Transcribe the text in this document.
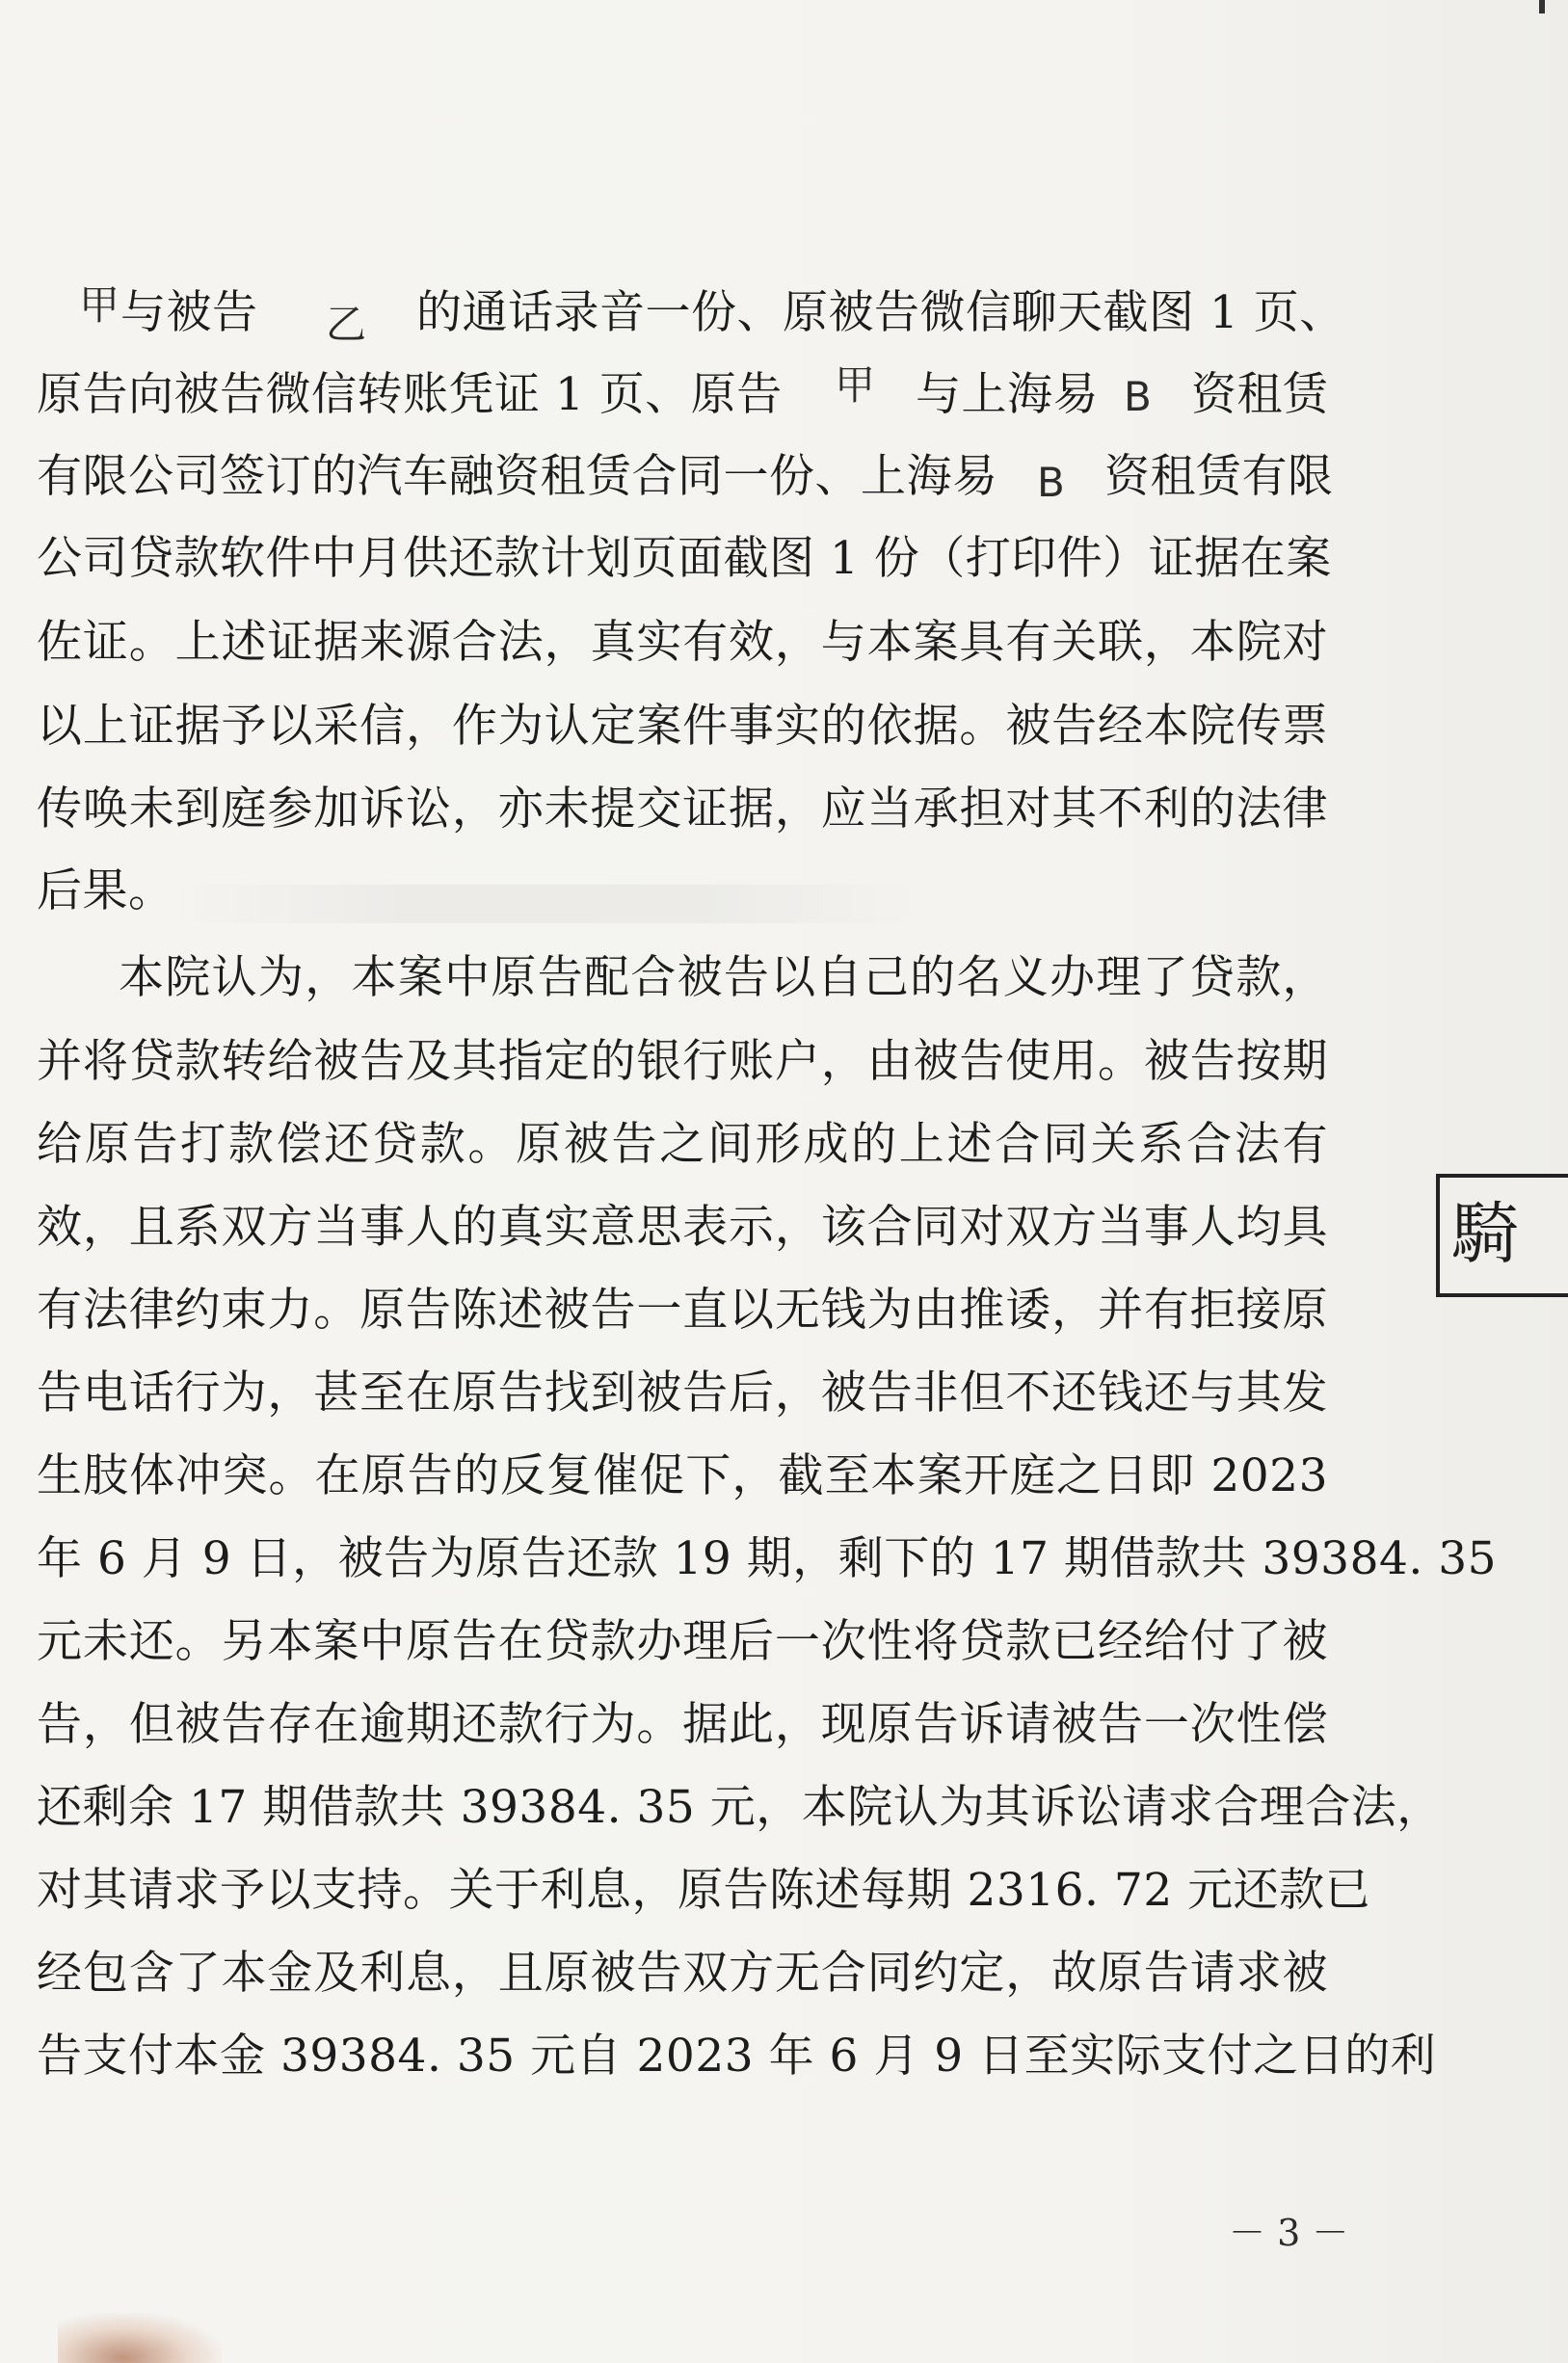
甲 与被告 乙 的通话录音一份、原被告微信聊天截图 1 页、
原告向被告微信转账凭证 1 页、原告 甲 与上海易 B 资租赁
有限公司签订的汽车融资租赁合同一份、上海易 B 资租赁有限
公司贷款软件中月供还款计划页面截图 1 份（打印件）证据在案
佐证。上述证据来源合法，真实有效，与本案具有关联，本院对
以上证据予以采信，作为认定案件事实的依据。被告经本院传票
传唤未到庭参加诉讼，亦未提交证据，应当承担对其不利的法律
后果。
本院认为，本案中原告配合被告以自己的名义办理了贷款，
并将贷款转给被告及其指定的银行账户，由被告使用。被告按期
给原告打款偿还贷款。原被告之间形成的上述合同关系合法有
效，且系双方当事人的真实意思表示，该合同对双方当事人均具
有法律约束力。原告陈述被告一直以无钱为由推诿，并有拒接原
告电话行为，甚至在原告找到被告后，被告非但不还钱还与其发
生肢体冲突。在原告的反复催促下，截至本案开庭之日即 2023
年 6 月 9 日，被告为原告还款 19 期，剩下的 17 期借款共 39384. 35
元未还。另本案中原告在贷款办理后一次性将贷款已经给付了被
告，但被告存在逾期还款行为。据此，现原告诉请被告一次性偿
还剩余 17 期借款共 39384. 35 元，本院认为其诉讼请求合理合法，
对其请求予以支持。关于利息，原告陈述每期 2316. 72 元还款已
经包含了本金及利息，且原被告双方无合同约定，故原告请求被
告支付本金 39384. 35 元自 2023 年 6 月 9 日至实际支付之日的利
騎
－ 3 －
